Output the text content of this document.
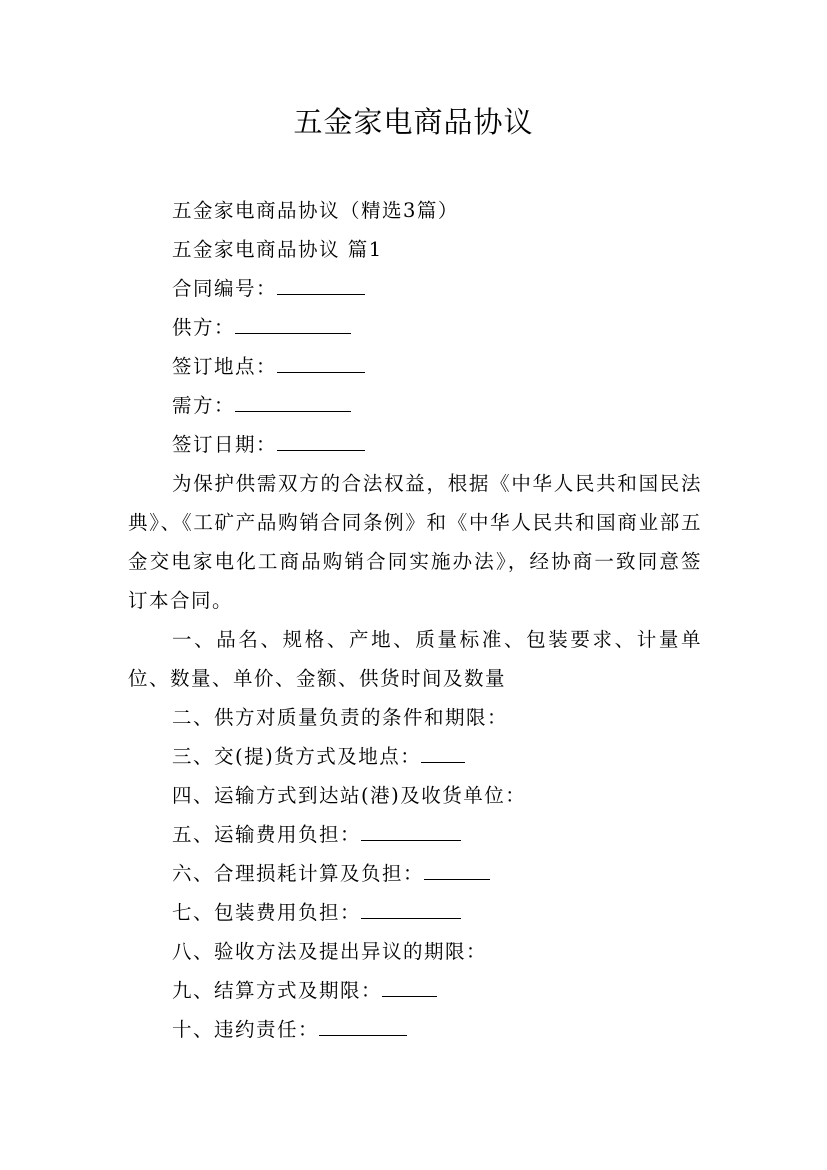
五金家电商品协议

五金家电商品协议（精选3篇）

五金家电商品协议 篇1

合同编号：

供方：

签订地点：

需方：

签订日期：

为保护供需双方的合法权益，根据《中华人民共和国民法典》、《工矿产品购销合同条例》和《中华人民共和国商业部五金交电家电化工商品购销合同实施办法》，经协商一致同意签订本合同。

一、品名、规格、产地、质量标准、包装要求、计量单位、数量、单价、金额、供货时间及数量

二、供方对质量负责的条件和期限：

三、交(提)货方式及地点：

四、运输方式到达站(港)及收货单位：

五、运输费用负担：

六、合理损耗计算及负担：

七、包装费用负担：

八、验收方法及提出异议的期限：

九、结算方式及期限：

十、违约责任：
